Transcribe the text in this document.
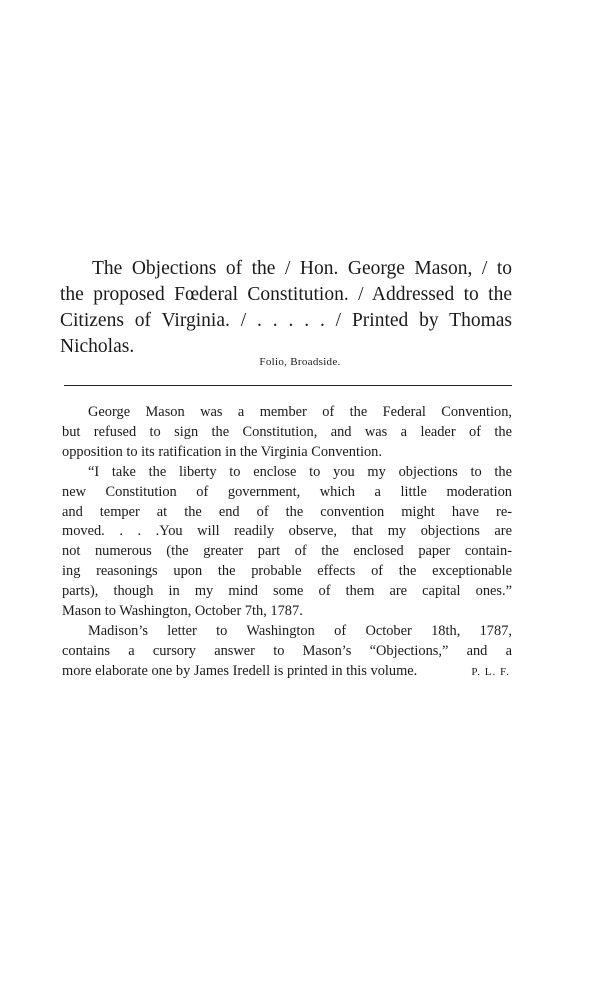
The Objections of the / Hon. George Mason, / to
the proposed Fœderal Constitution. / Addressed to the
Citizens of Virginia. / . . . . . / Printed by Thomas
Nicholas.
Folio, Broadside.
George Mason was a member of the Federal Convention,
but refused to sign the Constitution, and was a leader of the
opposition to its ratification in the Virginia Convention.
“I take the liberty to enclose to you my objections to the
new Constitution of government, which a little moderation
and temper at the end of the convention might have re-
moved. . . .You will readily observe, that my objections are
not numerous (the greater part of the enclosed paper contain-
ing reasonings upon the probable effects of the exceptionable
parts), though in my mind some of them are capital ones.”
Mason to Washington, October 7th, 1787.
Madison’s letter to Washington of October 18th, 1787,
contains a cursory answer to Mason’s “Objections,” and a
more elaborate one by James Iredell is printed in this volume.	P. L. F.
